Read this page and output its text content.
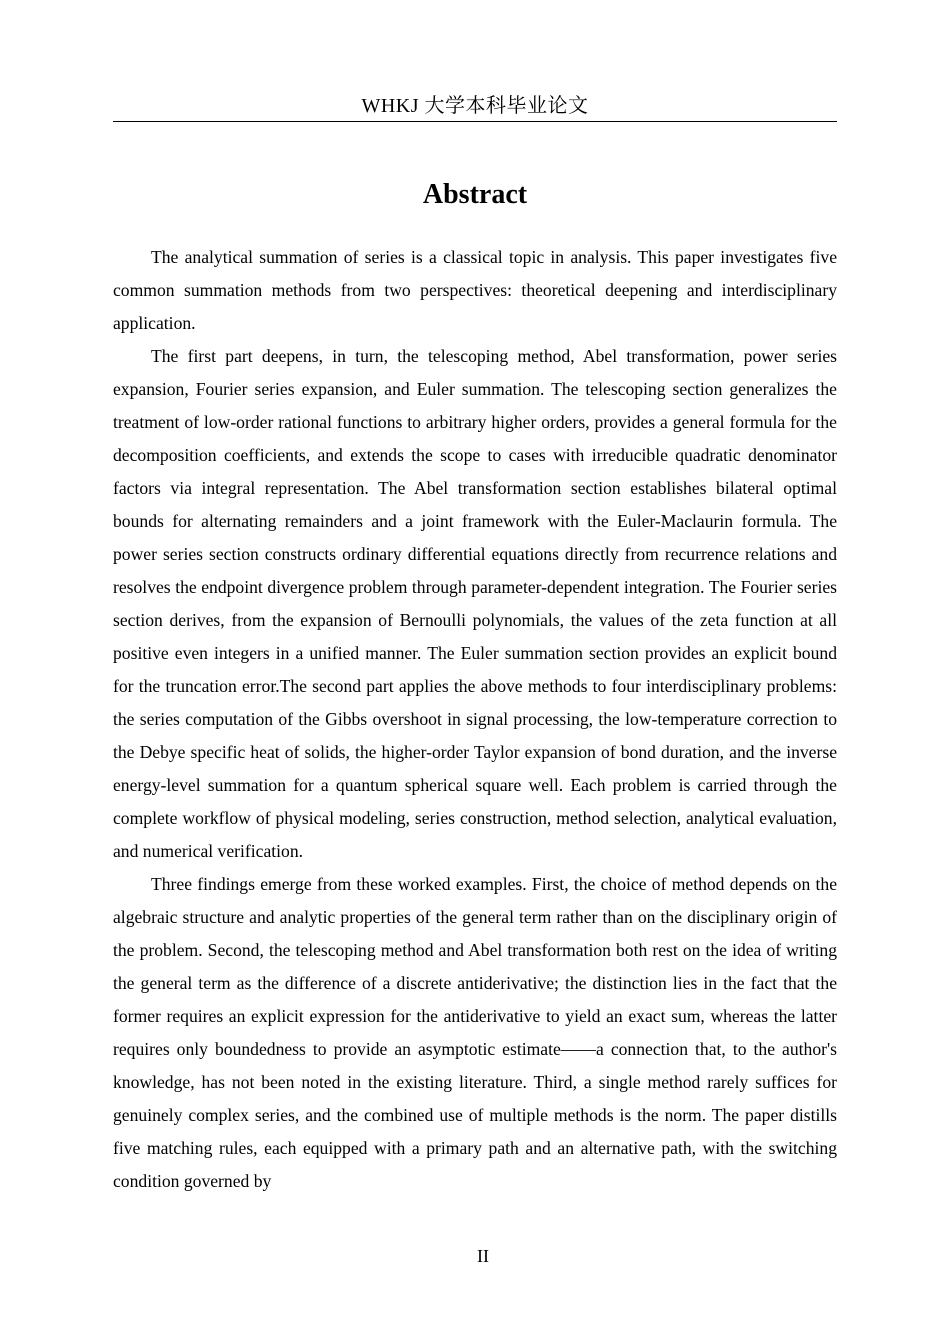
WHKJ 大学本科毕业论文
Abstract

The analytical summation of series is a classical topic in analysis. This paper investigates five common summation methods from two perspectives: theoretical deepening and interdisciplinary application.

The first part deepens, in turn, the telescoping method, Abel transformation, power series expansion, Fourier series expansion, and Euler summation. The telescoping section generalizes the treatment of low-order rational functions to arbitrary higher orders, provides a general formula for the decomposition coefficients, and extends the scope to cases with irreducible quadratic denominator factors via integral representation. The Abel transformation section establishes bilateral optimal bounds for alternating remainders and a joint framework with the Euler-Maclaurin formula. The power series section constructs ordinary differential equations directly from recurrence relations and resolves the endpoint divergence problem through parameter-dependent integration. The Fourier series section derives, from the expansion of Bernoulli polynomials, the values of the zeta function at all positive even integers in a unified manner. The Euler summation section provides an explicit bound for the truncation error.The second part applies the above methods to four interdisciplinary problems: the series computation of the Gibbs overshoot in signal processing, the low-temperature correction to the Debye specific heat of solids, the higher-order Taylor expansion of bond duration, and the inverse energy-level summation for a quantum spherical square well. Each problem is carried through the complete workflow of physical modeling, series construction, method selection, analytical evaluation, and numerical verification.

Three findings emerge from these worked examples. First, the choice of method depends on the algebraic structure and analytic properties of the general term rather than on the disciplinary origin of the problem. Second, the telescoping method and Abel transformation both rest on the idea of writing the general term as the difference of a discrete antiderivative; the distinction lies in the fact that the former requires an explicit expression for the antiderivative to yield an exact sum, whereas the latter requires only boundedness to provide an asymptotic estimate——a connection that, to the author's knowledge, has not been noted in the existing literature. Third, a single method rarely suffices for genuinely complex series, and the combined use of multiple methods is the norm. The paper distills five matching rules, each equipped with a primary path and an alternative path, with the switching condition governed by

II
